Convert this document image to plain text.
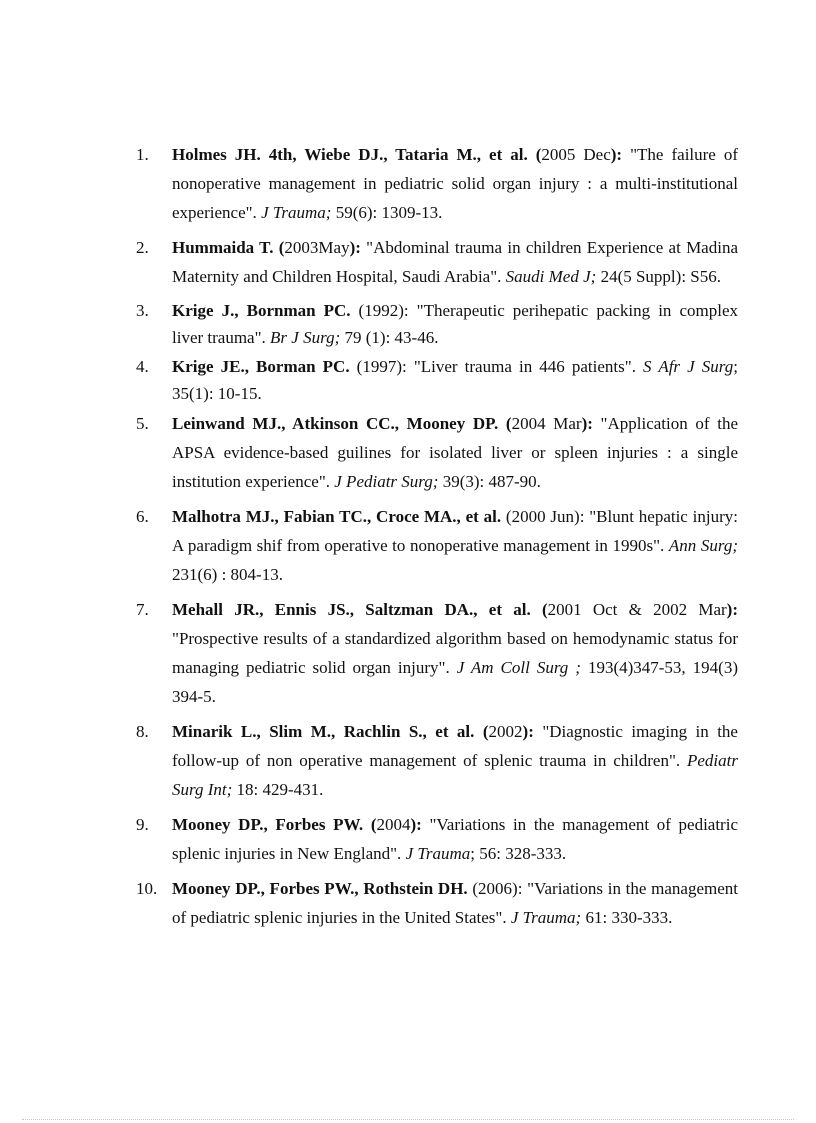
1. Holmes JH. 4th, Wiebe DJ., Tataria M., et al. (2005 Dec): "The failure of nonoperative management in pediatric solid organ injury : a multi-institutional experience". J Trauma; 59(6): 1309-13.
2. Hummaida T. (2003May): "Abdominal trauma in children Experience at Madina Maternity and Children Hospital, Saudi Arabia". Saudi Med J; 24(5 Suppl): S56.
3. Krige J., Bornman PC. (1992): "Therapeutic perihepatic packing in complex liver trauma". Br J Surg; 79 (1): 43-46.
4. Krige JE., Borman PC. (1997): "Liver trauma in 446 patients". S Afr J Surg; 35(1): 10-15.
5. Leinwand MJ., Atkinson CC., Mooney DP. (2004 Mar): "Application of the APSA evidence-based guilines for isolated liver or spleen injuries : a single institution experience". J Pediatr Surg; 39(3): 487-90.
6. Malhotra MJ., Fabian TC., Croce MA., et al. (2000 Jun): "Blunt hepatic injury: A paradigm shif from operative to nonoperative management in 1990s". Ann Surg; 231(6) : 804-13.
7. Mehall JR., Ennis JS., Saltzman DA., et al. (2001 Oct & 2002 Mar): "Prospective results of a standardized algorithm based on hemodynamic status for managing pediatric solid organ injury". J Am Coll Surg ; 193(4)347-53, 194(3) 394-5.
8. Minarik L., Slim M., Rachlin S., et al. (2002): "Diagnostic imaging in the follow-up of non operative management of splenic trauma in children". Pediatr Surg Int; 18: 429-431.
9. Mooney DP., Forbes PW. (2004): "Variations in the management of pediatric splenic injuries in New England". J Trauma; 56: 328-333.
10. Mooney DP., Forbes PW., Rothstein DH. (2006): "Variations in the management of pediatric splenic injuries in the United States". J Trauma; 61: 330-333.
